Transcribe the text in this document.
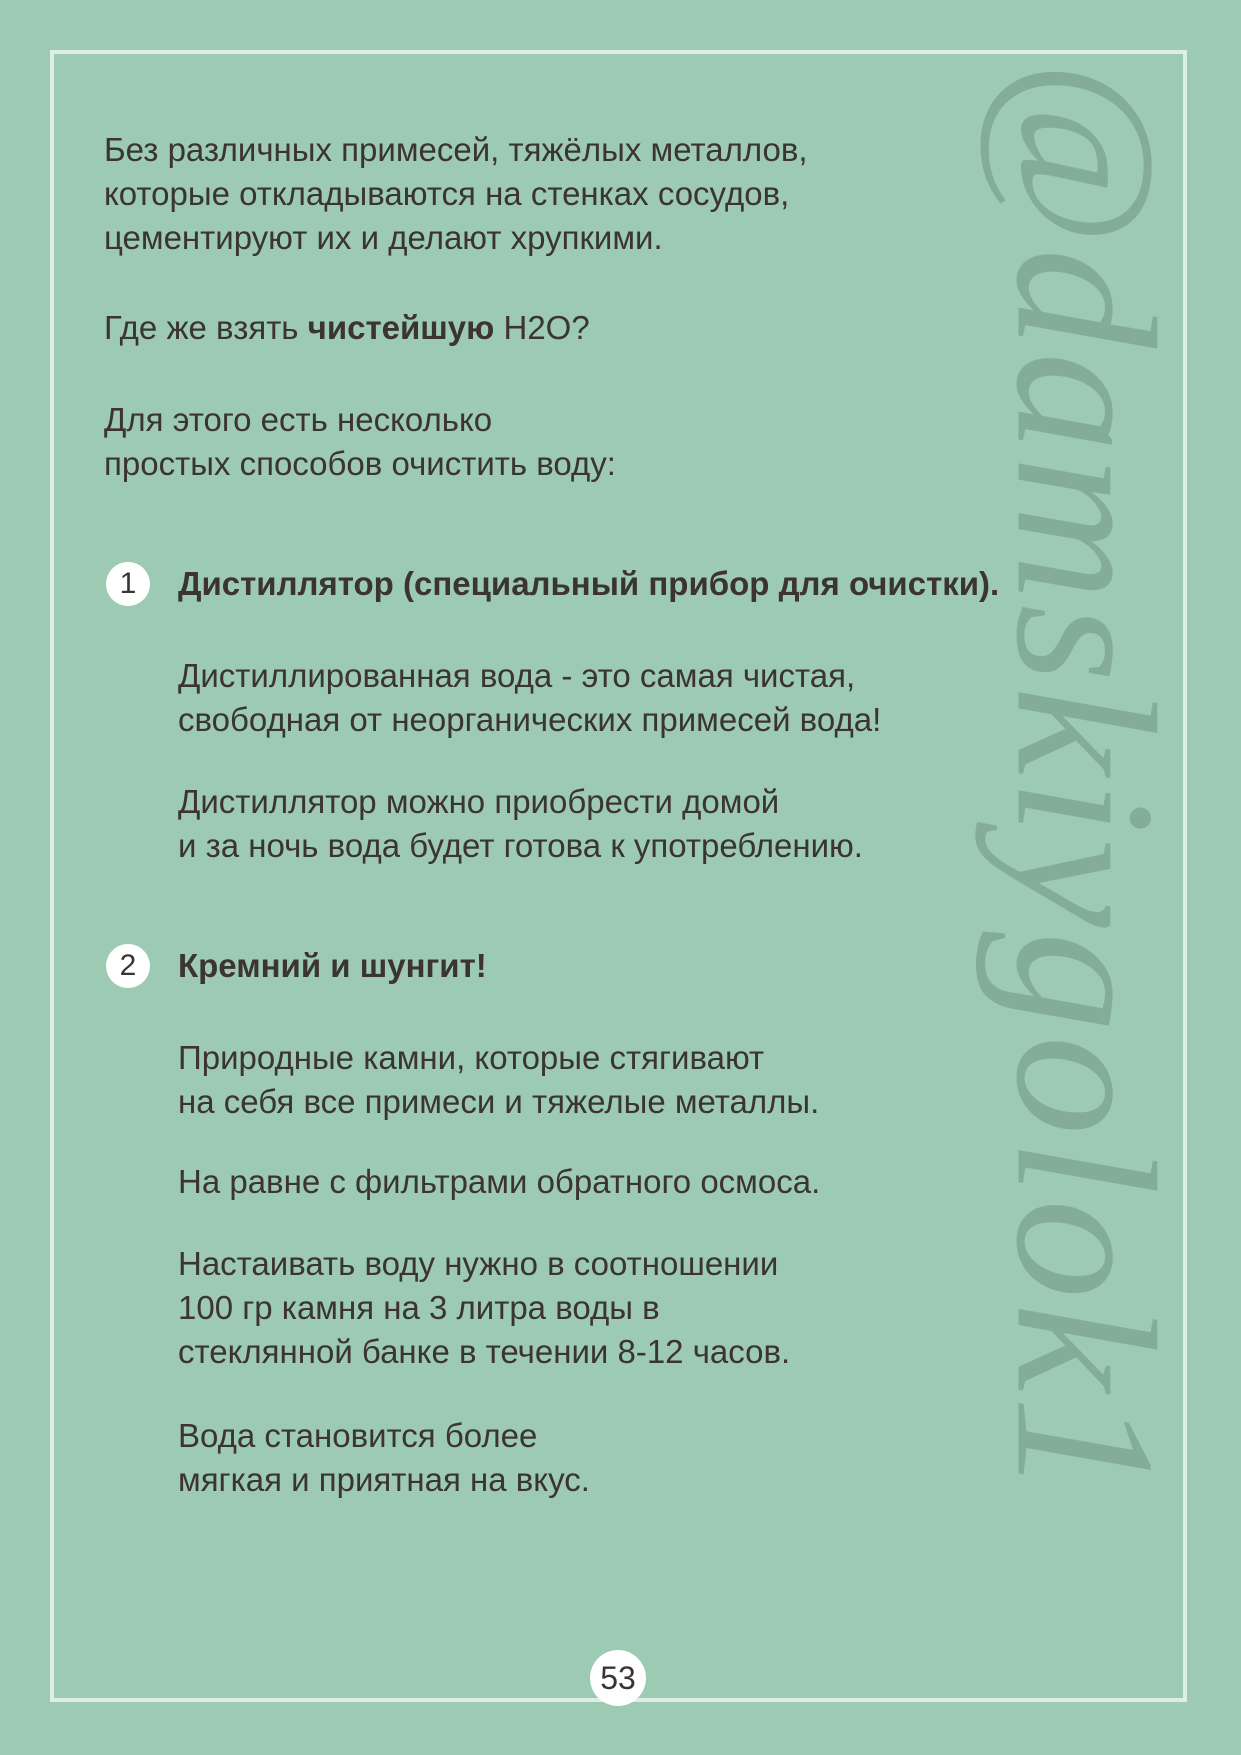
@damskiygolok1
Без различных примесей, тяжёлых металлов,
которые откладываются на стенках сосудов,
цементируют их и делают хрупкими.
Где же взять чистейшую H2O?
Для этого есть несколько
простых способов очистить воду:
1	Дистиллятор (специальный прибор для очистки).
Дистиллированная вода - это самая чистая,
свободная от неорганических примесей вода!
Дистиллятор можно приобрести домой
и за ночь вода будет готова к употреблению.
2	Кремний и шунгит!
Природные камни, которые стягивают
на себя все примеси и тяжелые металлы.
На равне с фильтрами обратного осмоса.
Настаивать воду нужно в соотношении
100 гр камня на 3 литра воды в
стеклянной банке в течении 8-12 часов.
Вода становится более
мягкая и приятная на вкус.
53
